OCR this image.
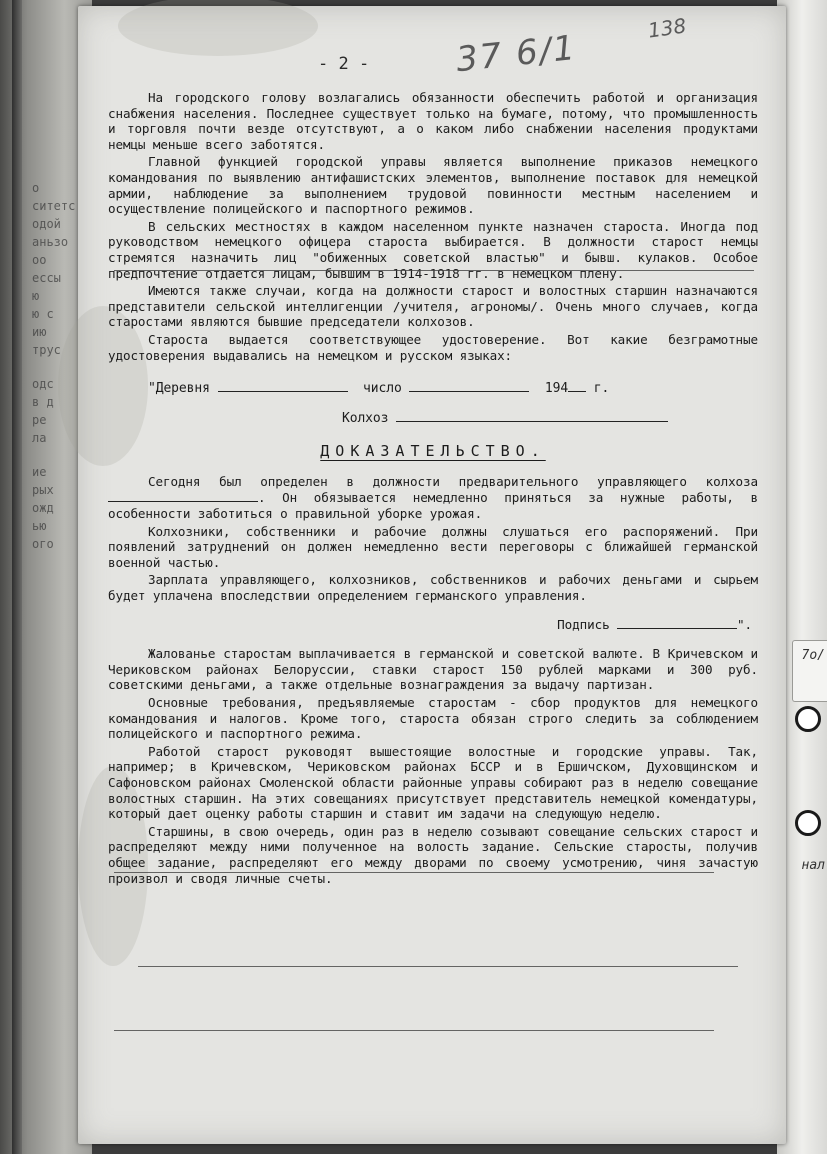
о
ситетс
одой
аньзо
оо
ессы
ю
ю с
ию
трус
одс
в д
ре
ла
ие
рых
ожд
ью
ого
7о/
нал
- 2 -	37 6/1	138

На городского голову возлагались обязанности обеспечить работой и организация снабжения населения. Последнее существует только на бумаге, потому, что промышленность и торговля почти везде отсутствуют, а о каком либо снабжении населения продуктами немцы меньше всего заботятся.

Главной функцией городской управы является выполнение приказов немецкого командования по выявлению антифашистских элементов, выполнение поставок для немецкой армии, наблюдение за выполнением трудовой повинности местным населением и осуществление полицейского и паспортного режимов.

В сельских местностях в каждом населенном пункте назначен староста. Иногда под руководством немецкого офицера староста выбирается. В должности старост немцы стремятся назначить лиц "обиженных советской властью" и бывш. кулаков. Особое предпочтение отдается лицам, бывшим в 1914-1918 гг. в немецком плену.

Имеются также случаи, когда на должности старост и волостных старшин назначаются представители сельской интеллигенции /учителя, агрономы/. Очень много случаев, когда старостами являются бывшие председатели колхозов.

Староста выдается соответствующее удостоверение. Вот какие безграмотные удостоверения выдавались на немецком и русском языках:

"Деревня	число	194 г.
Колхоз
ДОКАЗАТЕЛЬСТВО.

Сегодня был определен в должности предварительного управляющего колхоза . Он обязывается немедленно приняться за нужные работы, в особенности заботиться о правильной уборке урожая.

Колхозники, собственники и рабочие должны слушаться его распоряжений. При появлений затруднений он должен немедленно вести переговоры с ближайшей германской военной частью.

Зарплата управляющего, колхозников, собственников и рабочих деньгами и сырьем будет уплачена впоследствии определением германского управления.

Подпись	".

Жалованье старостам выплачивается в германской и советской валюте. В Кричевском и Чериковском районах Белоруссии, ставки старост 150 рублей марками и 300 руб. советскими деньгами, а также отдельные вознаграждения за выдачу партизан.

Основные требования, предъявляемые старостам - сбор продуктов для немецкого командования и налогов. Кроме того, староста обязан строго следить за соблюдением полицейского и паспортного режима.

Работой старост руководят вышестоящие волостные и городские управы. Так, например; в Кричевском, Чериковском районах БССР и в Ершичском, Духовщинском и Сафоновском районах Смоленской области районные управы собирают раз в неделю совещание волостных старшин. На этих совещаниях присутствует представитель немецкой комендатуры, который дает оценку работы старшин и ставит им задачи на следующую неделю.

Старшины, в свою очередь, один раз в неделю созывают совещание сельских старост и распределяют между ними полученное на волость задание. Сельские старосты, получив общее задание, распределяют его между дворами по своему усмотрению, чиня зачастую произвол и сводя личные счеты.
